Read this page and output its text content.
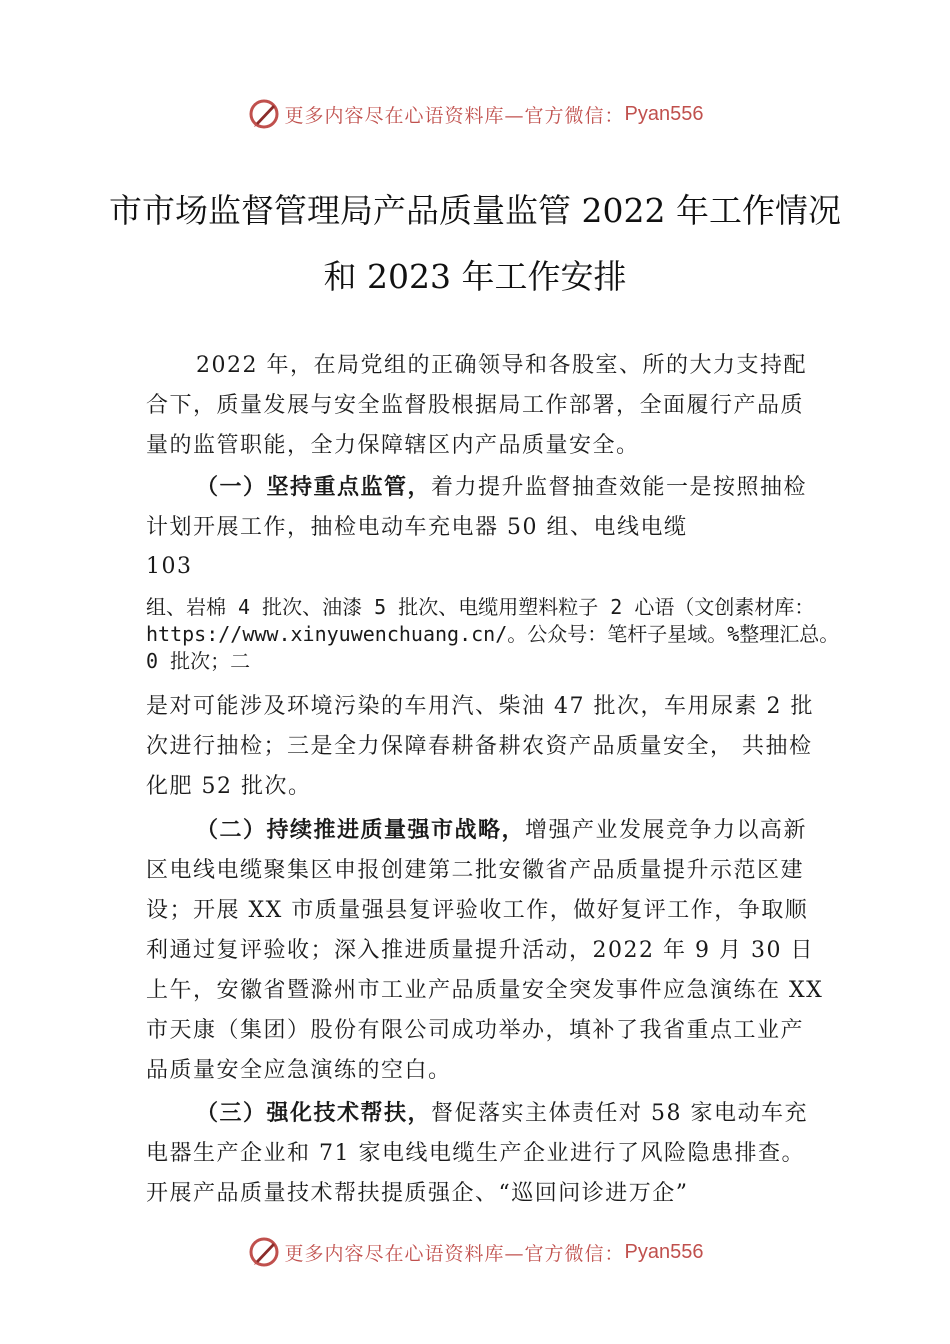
更多内容尽在心语资料库—官方微信： Pyan556
市市场监督管理局产品质量监管 2022 年工作情况和 2023 年工作安排

2022 年，在局党组的正确领导和各股室、所的大力支持配合下，质量发展与安全监督股根据局工作部署，全面履行产品质量的监管职能，全力保障辖区内产品质量安全。

（一）坚持重点监管，着力提升监督抽查效能一是按照抽检计划开展工作，抽检电动车充电器 50 组、电线电缆

103

组、岩棉 4 批次、油漆 5 批次、电缆用塑料粒子 2 心语（文创素材库：https://www.xinyuwenchuang.cn/。公众号：笔杆子星域。%整理汇总。0 批次；二

是对可能涉及环境污染的车用汽、柴油 47 批次，车用尿素 2 批次进行抽检；三是全力保障春耕备耕农资产品质量安全， 共抽检化肥 52 批次。

（二）持续推进质量强市战略，增强产业发展竞争力以高新区电线电缆聚集区申报创建第二批安徽省产品质量提升示范区建设；开展 XX 市质量强县复评验收工作，做好复评工作，争取顺利通过复评验收；深入推进质量提升活动，2022 年 9 月 30 日上午，安徽省暨滁州市工业产品质量安全突发事件应急演练在 XX 市天康（集团）股份有限公司成功举办，填补了我省重点工业产品质量安全应急演练的空白。

（三）强化技术帮扶，督促落实主体责任对 58 家电动车充电器生产企业和 71 家电线电缆生产企业进行了风险隐患排查。开展产品质量技术帮扶提质强企、“巡回问诊进万企”

更多内容尽在心语资料库—官方微信： Pyan556
